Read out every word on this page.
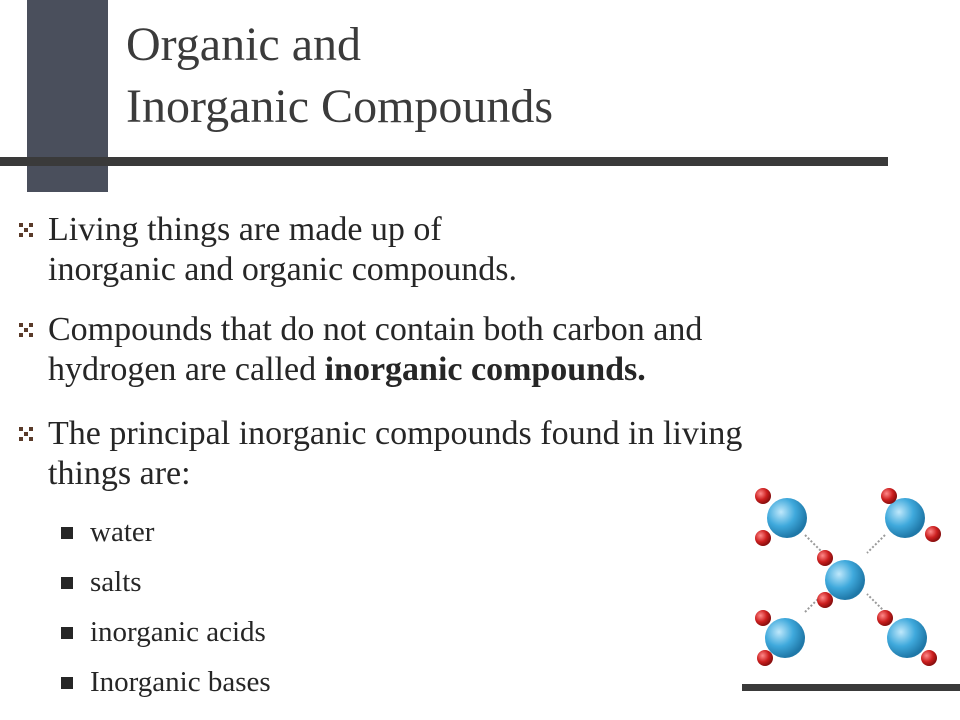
Organic and
Inorganic Compounds
Living things are made up of
inorganic and organic compounds.
Compounds that do not contain both carbon and
hydrogen are called inorganic compounds.
The principal inorganic compounds found in living
things are:
water
salts
inorganic acids
Inorganic bases
